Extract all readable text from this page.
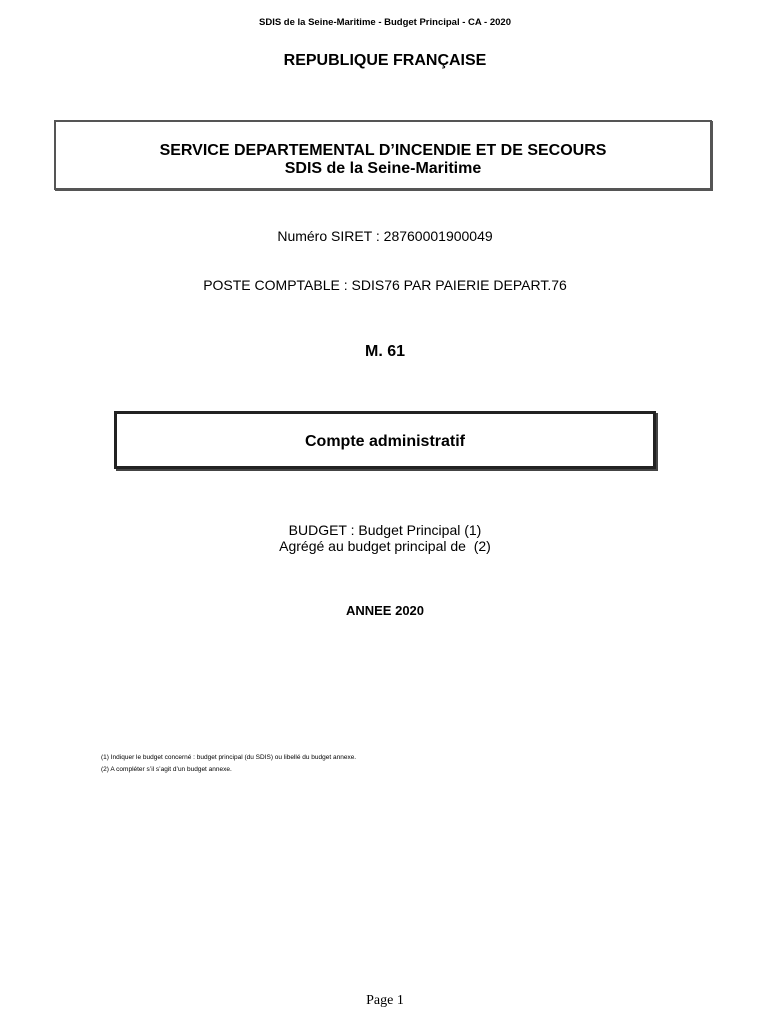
SDIS de la Seine-Maritime - Budget Principal - CA - 2020
REPUBLIQUE FRANÇAISE
SERVICE DEPARTEMENTAL D’INCENDIE ET DE SECOURS
SDIS de la Seine-Maritime
Numéro SIRET : 28760001900049
POSTE COMPTABLE : SDIS76 PAR PAIERIE DEPART.76
M. 61
Compte administratif
BUDGET : Budget Principal (1)
Agrégé au budget principal de  (2)
ANNEE 2020
(1) Indiquer le budget concerné : budget principal (du SDIS) ou libellé du budget annexe.
(2) A compléter s’il s’agit d’un budget annexe.
Page 1
